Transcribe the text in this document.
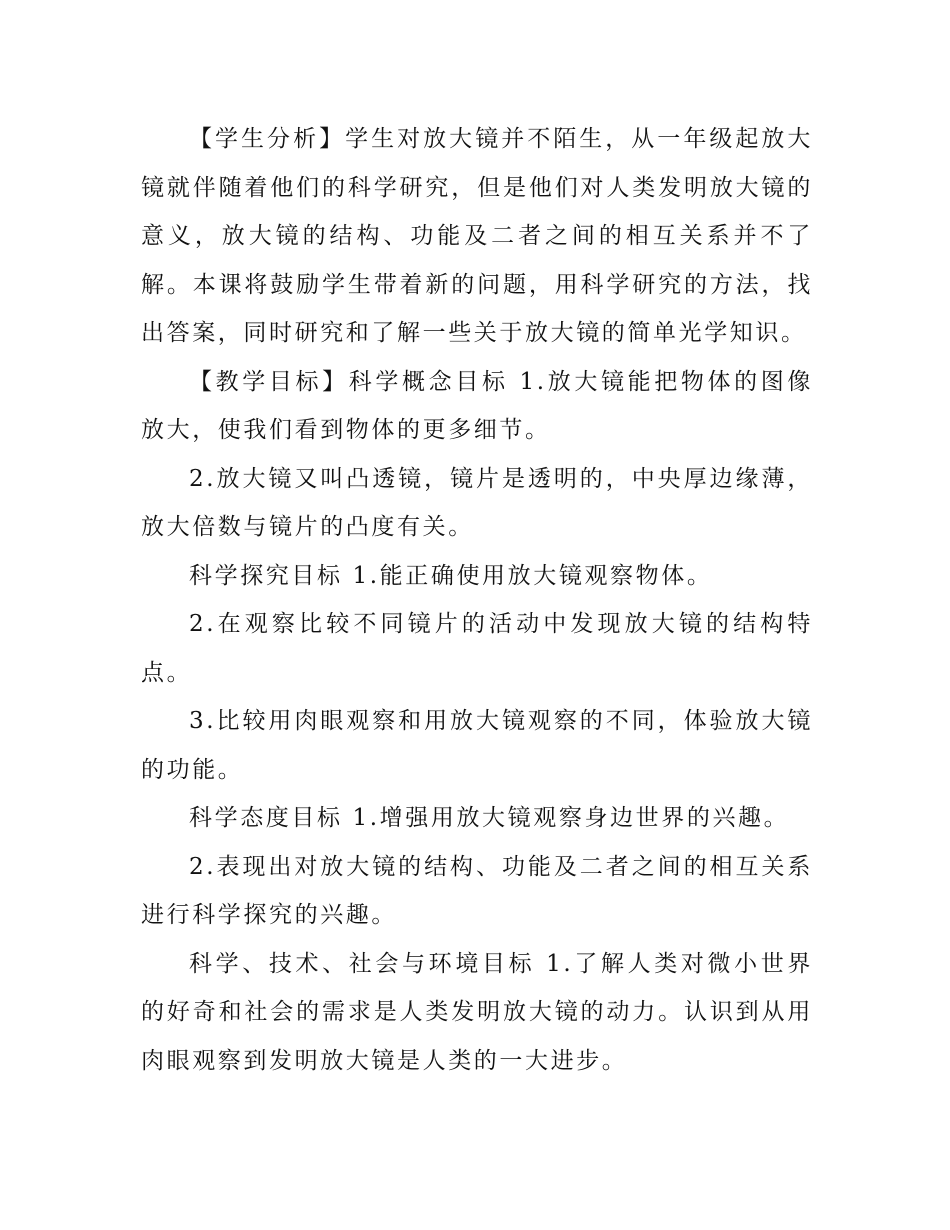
【学生分析】学生对放大镜并不陌生，从一年级起放大镜就伴随着他们的科学研究，但是他们对人类发明放大镜的意义，放大镜的结构、功能及二者之间的相互关系并不了解。本课将鼓励学生带着新的问题，用科学研究的方法，找出答案，同时研究和了解一些关于放大镜的简单光学知识。

【教学目标】科学概念目标 1.放大镜能把物体的图像放大，使我们看到物体的更多细节。

2.放大镜又叫凸透镜，镜片是透明的，中央厚边缘薄，放大倍数与镜片的凸度有关。

科学探究目标 1.能正确使用放大镜观察物体。

2.在观察比较不同镜片的活动中发现放大镜的结构特点。

3.比较用肉眼观察和用放大镜观察的不同，体验放大镜的功能。

科学态度目标 1.增强用放大镜观察身边世界的兴趣。

2.表现出对放大镜的结构、功能及二者之间的相互关系进行科学探究的兴趣。

科学、技术、社会与环境目标 1.了解人类对微小世界的好奇和社会的需求是人类发明放大镜的动力。认识到从用肉眼观察到发明放大镜是人类的一大进步。
